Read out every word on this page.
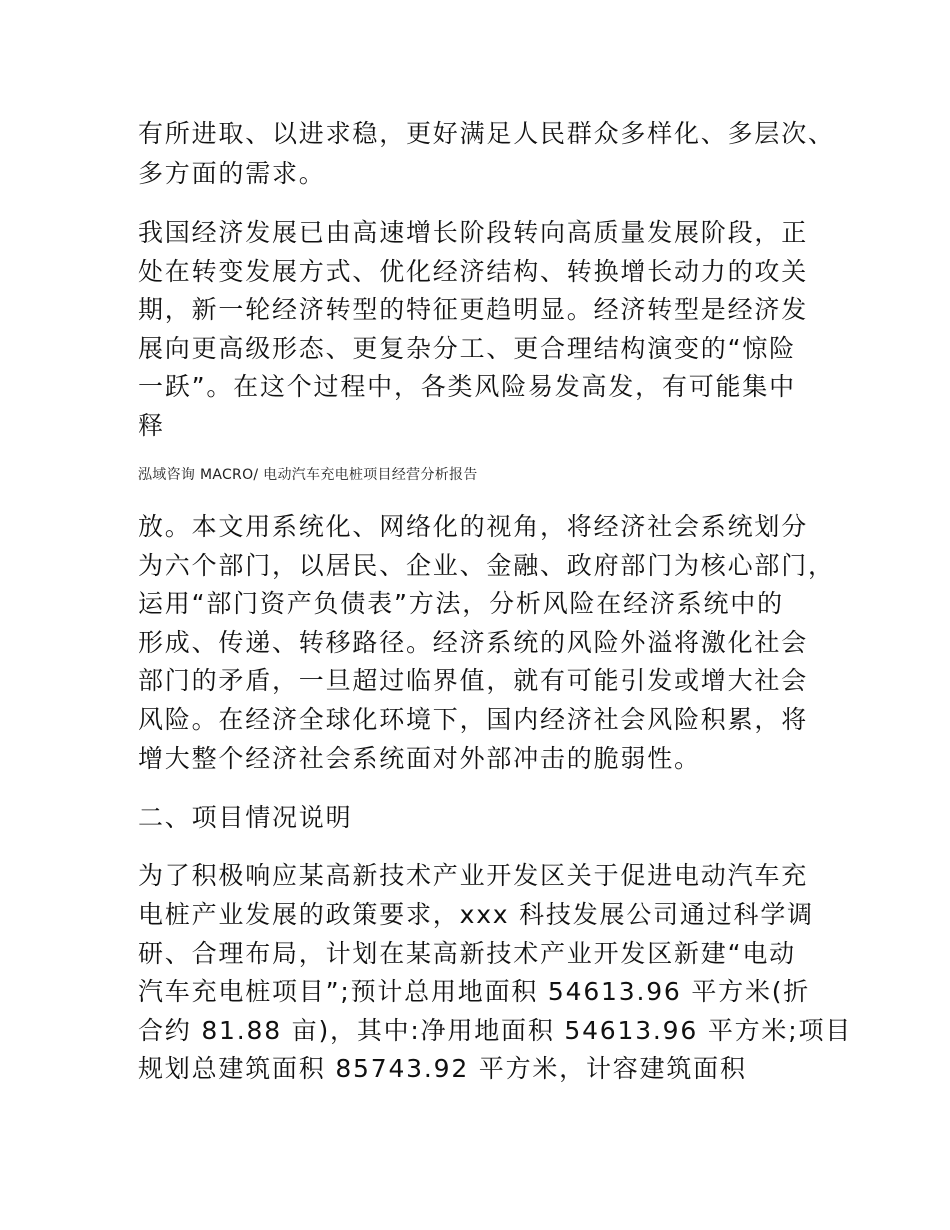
有所进取、以进求稳，更好满足人民群众多样化、多层次、

多方面的需求。

我国经济发展已由高速增长阶段转向高质量发展阶段，正

处在转变发展方式、优化经济结构、转换增长动力的攻关

期，新一轮经济转型的特征更趋明显。经济转型是经济发

展向更高级形态、更复杂分工、更合理结构演变的“惊险

一跃”。在这个过程中，各类风险易发高发，有可能集中

释

泓域咨询 MACRO/ 电动汽车充电桩项目经营分析报告

放。本文用系统化、网络化的视角，将经济社会系统划分

为六个部门，以居民、企业、金融、政府部门为核心部门，

运用“部门资产负债表”方法，分析风险在经济系统中的

形成、传递、转移路径。经济系统的风险外溢将激化社会

部门的矛盾，一旦超过临界值，就有可能引发或增大社会

风险。在经济全球化环境下，国内经济社会风险积累，将

增大整个经济社会系统面对外部冲击的脆弱性。

二、项目情况说明

为了积极响应某高新技术产业开发区关于促进电动汽车充

电桩产业发展的政策要求，xxx 科技发展公司通过科学调

研、合理布局，计划在某高新技术产业开发区新建“电动

汽车充电桩项目”;预计总用地面积 54613.96 平方米(折

合约 81.88 亩)，其中:净用地面积 54613.96 平方米;项目

规划总建筑面积 85743.92 平方米，计容建筑面积
